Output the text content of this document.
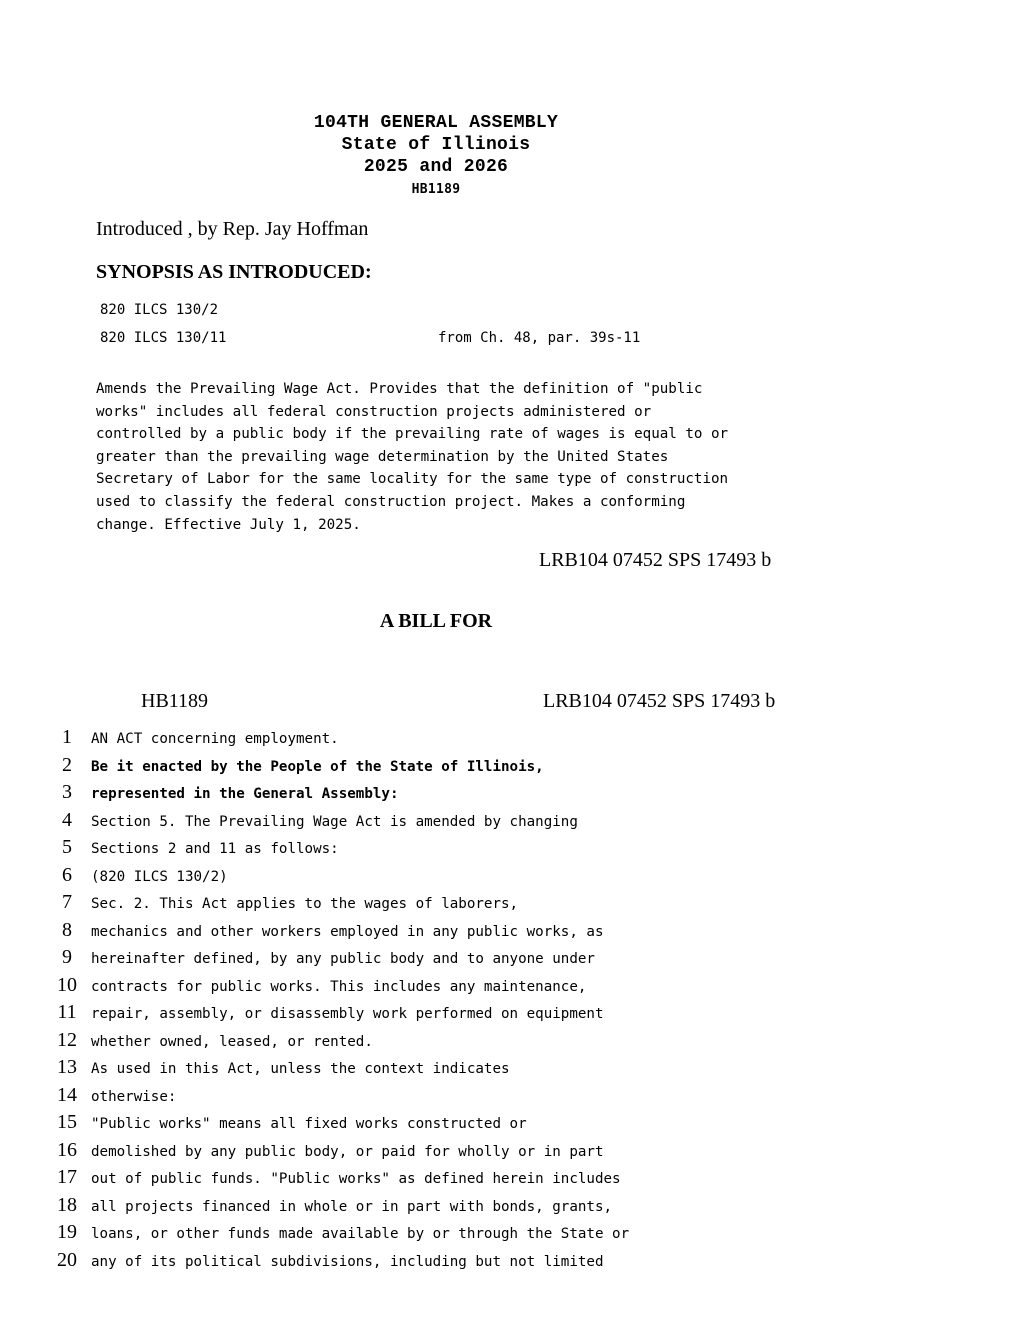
104TH GENERAL ASSEMBLY
State of Illinois
2025 and 2026
HB1189
Introduced , by Rep. Jay Hoffman
SYNOPSIS AS INTRODUCED:
820 ILCS 130/2
820 ILCS 130/11	from Ch. 48, par. 39s-11
Amends the Prevailing Wage Act. Provides that the definition of "public
works" includes all federal construction projects administered or
controlled by a public body if the prevailing rate of wages is equal to or
greater than the prevailing wage determination by the United States
Secretary of Labor for the same locality for the same type of construction
used to classify the federal construction project. Makes a conforming
change. Effective July 1, 2025.
LRB104 07452 SPS 17493 b
A BILL FOR
HB1189	LRB104 07452 SPS 17493 b
1	AN ACT concerning employment.
2	Be it enacted by the People of the State of Illinois,
3	represented in the General Assembly:
4	Section 5. The Prevailing Wage Act is amended by changing
5	Sections 2 and 11 as follows:
6	(820 ILCS 130/2)
7	Sec. 2. This Act applies to the wages of laborers,
8	mechanics and other workers employed in any public works, as
9	hereinafter defined, by any public body and to anyone under
10 contracts for public works. This includes any maintenance,
11	repair, assembly, or disassembly work performed on equipment
12 whether owned, leased, or rented.
13 As used in this Act, unless the context indicates
14 otherwise:
15 "Public works" means all fixed works constructed or
16 demolished by any public body, or paid for wholly or in part
17 out of public funds. "Public works" as defined herein includes
18 all projects financed in whole or in part with bonds, grants,
19 loans, or other funds made available by or through the State or
20 any of its political subdivisions, including but not limited
